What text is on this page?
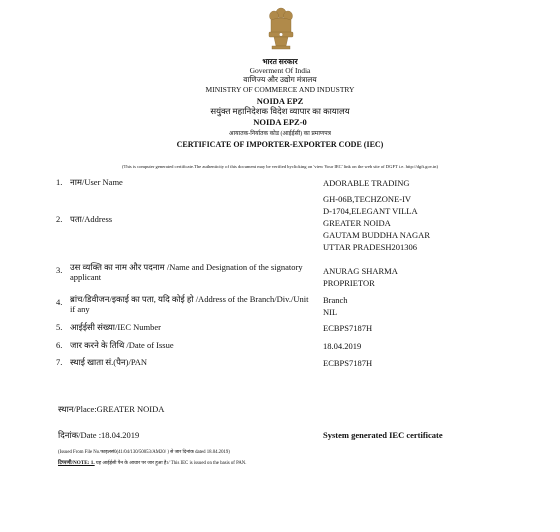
भारत सरकार
Goverment Of India
वाणिज्य और उद्योग मंत्रालय
MINISTRY OF COMMERCE AND INDUSTRY
NOIDA EPZ
सयुंक्त महानिदेशक विदेश व्यापार का कायालय
NOIDA EPZ-0
आयातक-निर्यातक कोड (आईईसी) का प्रमाणपत्र
CERTIFICATE OF IMPORTER-EXPORTER CODE (IEC)
(This is computer generated certificate.The authenticity of this document may be verified byclicking on 'view Your IEC' link on the web site of DGFT i.e. http://dgft.gov.in)
1. नाम/User Name	ADORABLE TRADING
2. पता/Address
GH-06B,TECHZONE-IV
D-1704,ELEGANT VILLA
GREATER NOIDA
GAUTAM BUDDHA NAGAR
UTTAR PRADESH201306
3. उस व्यक्ति का नाम और पदनाम /Name and Designation of the signatory applicant
ANURAG SHARMA
PROPRIETOR
4. ब्रांच/डिवीजन/इकाई का पता, यदि कोई हो /Address of the Branch/Div./Unit if any
Branch
NIL
5. आईईसी संख्या/IEC Number	ECBPS7187H
6. जार करने के तिथि /Date of Issue	18.04.2019
7. स्थाई खाता सं.(पैन)/PAN	ECBPS7187H
स्थान/Place:GREATER NOIDA
दिनांक/Date :18.04.2019	System generated IEC certificate
(Issued From File No.फाइलसं0(41/04/130/50053/AM20/ ) से जार दिनांक dated 18.04.2019)
टिप्पणी/NOTE: 1. यह आईईसी पैन के आधार पर जार हुआ है।/ This IEC is issued on the basis of PAN.
